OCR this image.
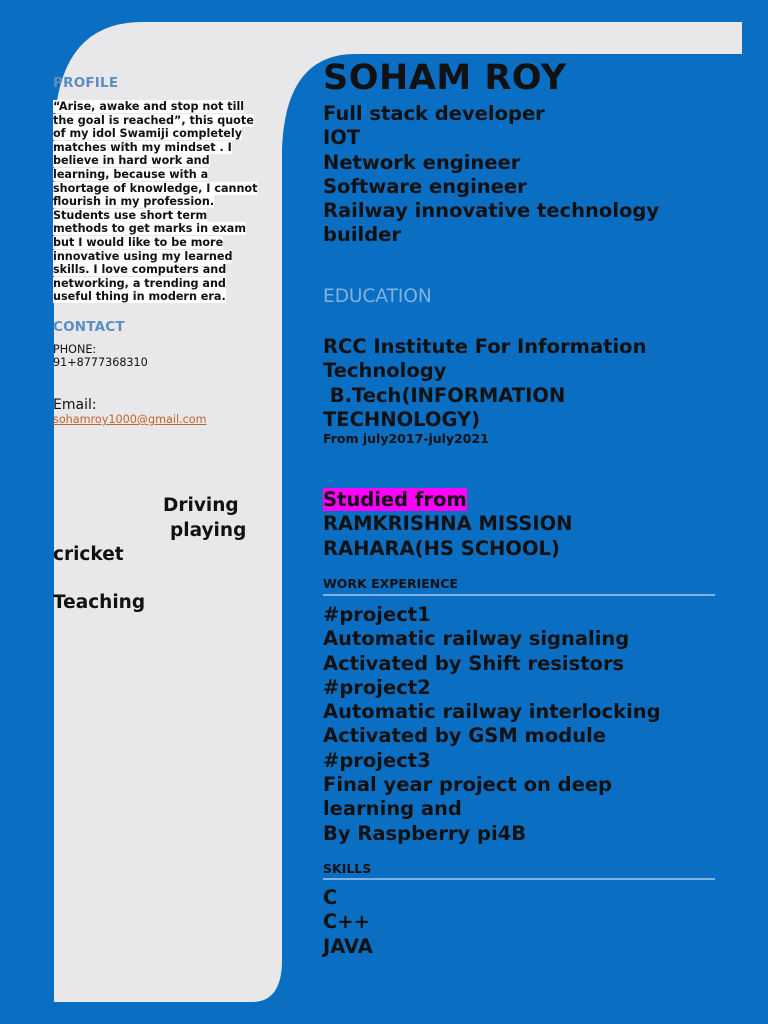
PROFILE
“Arise, awake and stop not till the goal is reached”, this quote of my idol Swamiji completely matches with my mindset . I believe in hard work and learning, because with a shortage of knowledge, I cannot flourish in my profession. Students use short term methods to get marks in exam but I would like to be more innovative using my learned skills. I love computers and networking, a trending and useful thing in modern era.
CONTACT
PHONE:
91+8777368310
Email:
sohamroy1000@gmail.com
Driving
playing
cricket
Teaching
SOHAM ROY
Full stack developer
IOT
Network engineer
Software engineer
Railway innovative technology
builder
EDUCATION
RCC Institute For Information
Technology
B.Tech(INFORMATION
TECHNOLOGY)
From july2017-july2021
Studied from
RAMKRISHNA MISSION
RAHARA(HS SCHOOL)
WORK EXPERIENCE
#project1
Automatic railway signaling
Activated by Shift resistors
#project2
Automatic railway interlocking
Activated by GSM module
#project3
Final year project on deep
learning and
By Raspberry pi4B
SKILLS
C
C++
JAVA
